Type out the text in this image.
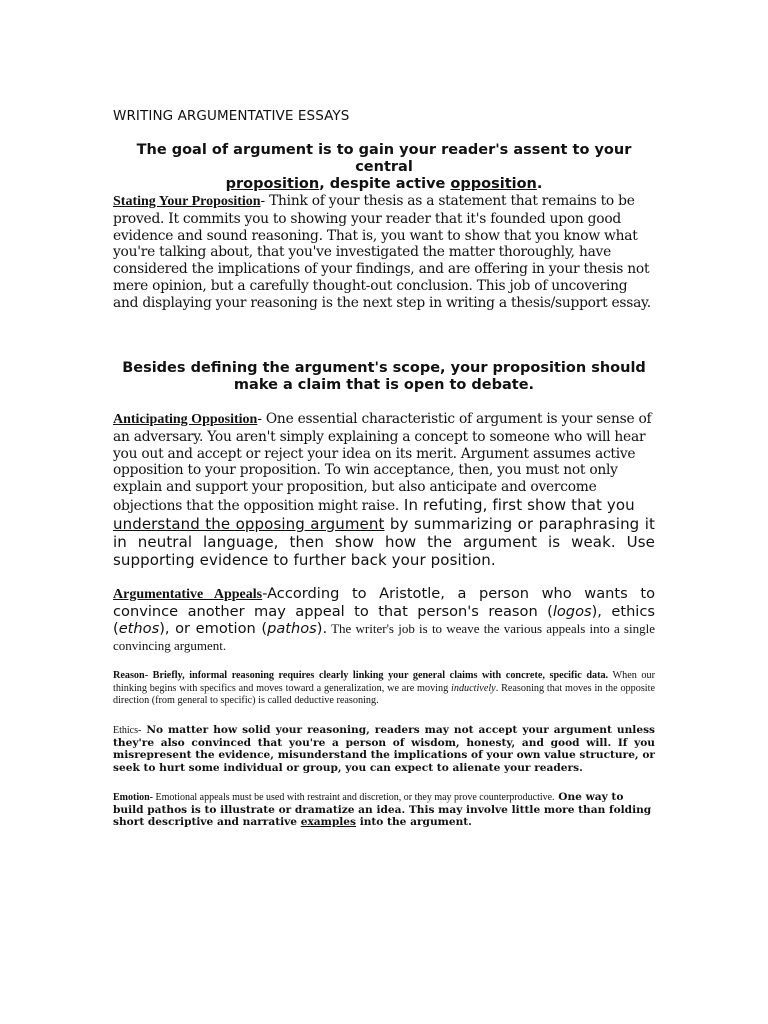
WRITING ARGUMENTATIVE ESSAYS
The goal of argument is to gain your reader's assent to your central
proposition, despite active opposition.
Stating Your Proposition- Think of your thesis as a statement that remains to be proved. It commits you to showing your reader that it's founded upon good evidence and sound reasoning. That is, you want to show that you know what you're talking about, that you've investigated the matter thoroughly, have considered the implications of your findings, and are offering in your thesis not mere opinion, but a carefully thought-out conclusion. This job of uncovering and displaying your reasoning is the next step in writing a thesis/support essay.
Besides defining the argument's scope, your proposition should make a claim that is open to debate.
Anticipating Opposition- One essential characteristic of argument is your sense of an adversary. You aren't simply explaining a concept to someone who will hear you out and accept or reject your idea on its merit. Argument assumes active opposition to your proposition. To win acceptance, then, you must not only explain and support your proposition, but also anticipate and overcome objections that the opposition might raise. In refuting, first show that you
understand the opposing argument by summarizing or paraphrasing it in neutral language, then show how the argument is weak. Use supporting evidence to further back your position.
Argumentative Appeals-According to Aristotle, a person who wants to convince another may appeal to that person's reason (logos), ethics (ethos), or emotion (pathos). The writer's job is to weave the various appeals into a single convincing argument.
Reason- Briefly, informal reasoning requires clearly linking your general claims with concrete, specific data. When our thinking begins with specifics and moves toward a generalization, we are moving inductively. Reasoning that moves in the opposite direction (from general to specific) is called deductive reasoning.
Ethics- No matter how solid your reasoning, readers may not accept your argument unless they're also convinced that you're a person of wisdom, honesty, and good will. If you misrepresent the evidence, misunderstand the implications of your own value structure, or seek to hurt some individual or group, you can expect to alienate your readers.
Emotion- Emotional appeals must be used with restraint and discretion, or they may prove counterproductive. One way to build pathos is to illustrate or dramatize an idea. This may involve little more than folding short descriptive and narrative examples into the argument.
